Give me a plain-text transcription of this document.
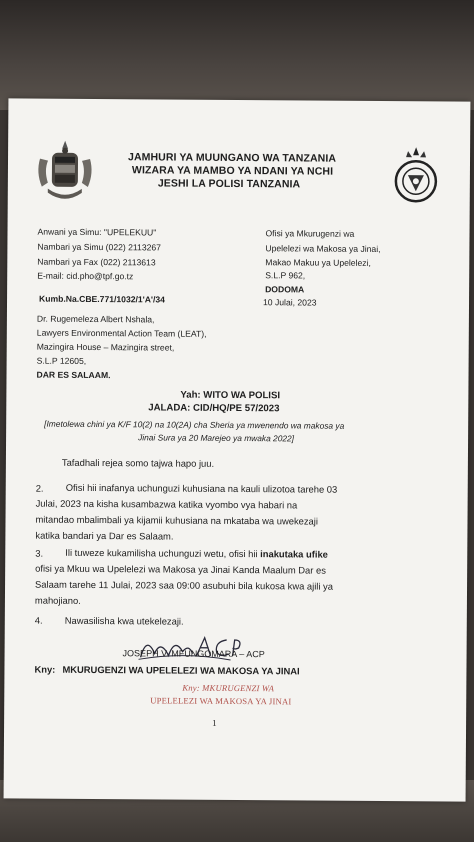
JAMHURI YA MUUNGANO WA TANZANIA
WIZARA YA MAMBO YA NDANI YA NCHI
JESHI LA POLISI TANZANIA
Anwani ya Simu: "UPELEKUU"
Nambari ya Simu (022) 2113267
Nambari ya Fax (022) 2113613
E-mail: cid.pho@tpf.go.tz
Ofisi ya Mkurugenzi wa
Upelelezi wa Makosa ya Jinai,
Makao Makuu ya Upelelezi,
S.L.P 962,
DODOMA
Kumb.Na.CBE.771/1032/1'A'/34	10 Julai, 2023
Dr. Rugemeleza Albert Nshala,
Lawyers Environmental Action Team (LEAT),
Mazingira House – Mazingira street,
S.L.P 12605,
DAR ES SALAAM.
Yah: WITO WA POLISI
JALADA: CID/HQ/PE 57/2023
[Imetolewa chini ya K/F 10(2) na 10(2A) cha Sheria ya mwenendo wa makosa ya
Jinai Sura ya 20 Marejeo ya mwaka 2022]
Tafadhali rejea somo tajwa hapo juu.
2. Ofisi hii inafanya uchunguzi kuhusiana na kauli ulizotoa tarehe 03
Julai, 2023 na kisha kusambazwa katika vyombo vya habari na
mitandao mbalimbali ya kijamii kuhusiana na mkataba wa uwekezaji
katika bandari ya Dar es Salaam.
3. Ili tuweze kukamilisha uchunguzi wetu, ofisi hii inakutaka ufike
ofisi ya Mkuu wa Upelelezi wa Makosa ya Jinai Kanda Maalum Dar es
Salaam tarehe 11 Julai, 2023 saa 09:00 asubuhi bila kukosa kwa ajili ya
mahojiano.
4. Nawasilisha kwa utekelezaji.
JOSEPH V. MFUNGOMARA – ACP
Kny: MKURUGENZI WA UPELELEZI WA MAKOSA YA JINAI
Kny: MKURUGENZI WA
UPELELEZI WA MAKOSA YA JINAI
1
